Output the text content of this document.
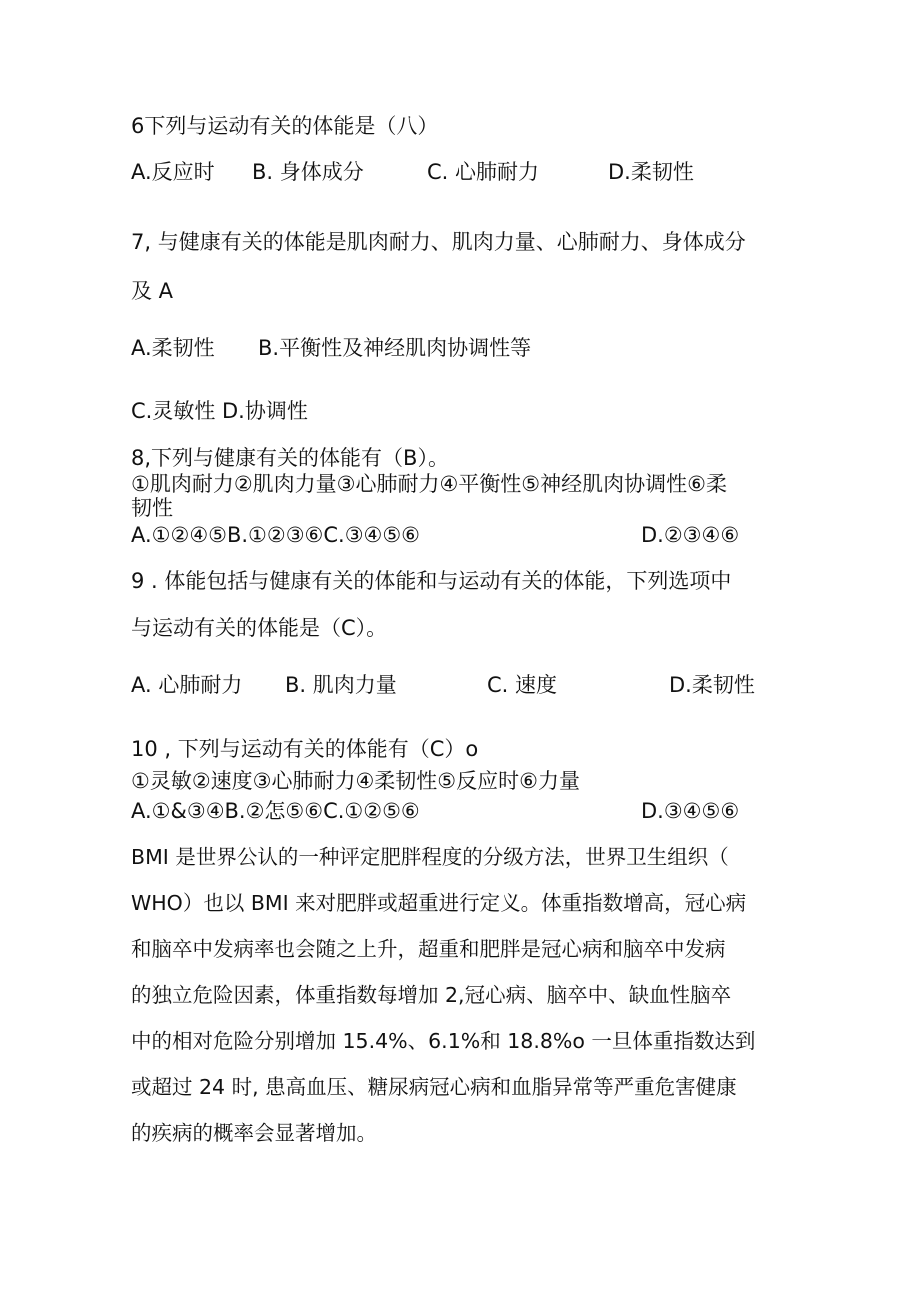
6下列与运动有关的体能是（八）
A.反应时 B. 身体成分	C. 心肺耐力	D.柔韧性
7, 与健康有关的体能是肌肉耐力、肌肉力量、心肺耐力、身体成分
及 A
A.柔韧性 B.平衡性及神经肌肉协调性等
C.灵敏性 D.协调性
8,下列与健康有关的体能有（B）。
①肌肉耐力②肌肉力量③心肺耐力④平衡性⑤神经肌肉协调性⑥柔
韧性
A.①②④⑤B.①②③⑥C.③④⑤⑥	D.②③④⑥
9 . 体能包括与健康有关的体能和与运动有关的体能，下列选项中
与运动有关的体能是（C）。
A. 心肺耐力 B. 肌肉力量	C. 速度	D.柔韧性
10 , 下列与运动有关的体能有（C）o
①灵敏②速度③心肺耐力④柔韧性⑤反应时⑥力量
A.①&③④B.②怎⑤⑥C.①②⑤⑥	D.③④⑤⑥
BMI 是世界公认的一种评定肥胖程度的分级方法，世界卫生组织（
WHO）也以 BMI 来对肥胖或超重进行定义。体重指数增高，冠心病
和脑卒中发病率也会随之上升，超重和肥胖是冠心病和脑卒中发病
的独立危险因素，体重指数每增加 2,冠心病、脑卒中、缺血性脑卒
中的相对危险分别增加 15.4%、6.1%和 18.8%o 一旦体重指数达到
或超过 24 时, 患高血压、糖尿病冠心病和血脂异常等严重危害健康
的疾病的概率会显著增加。
